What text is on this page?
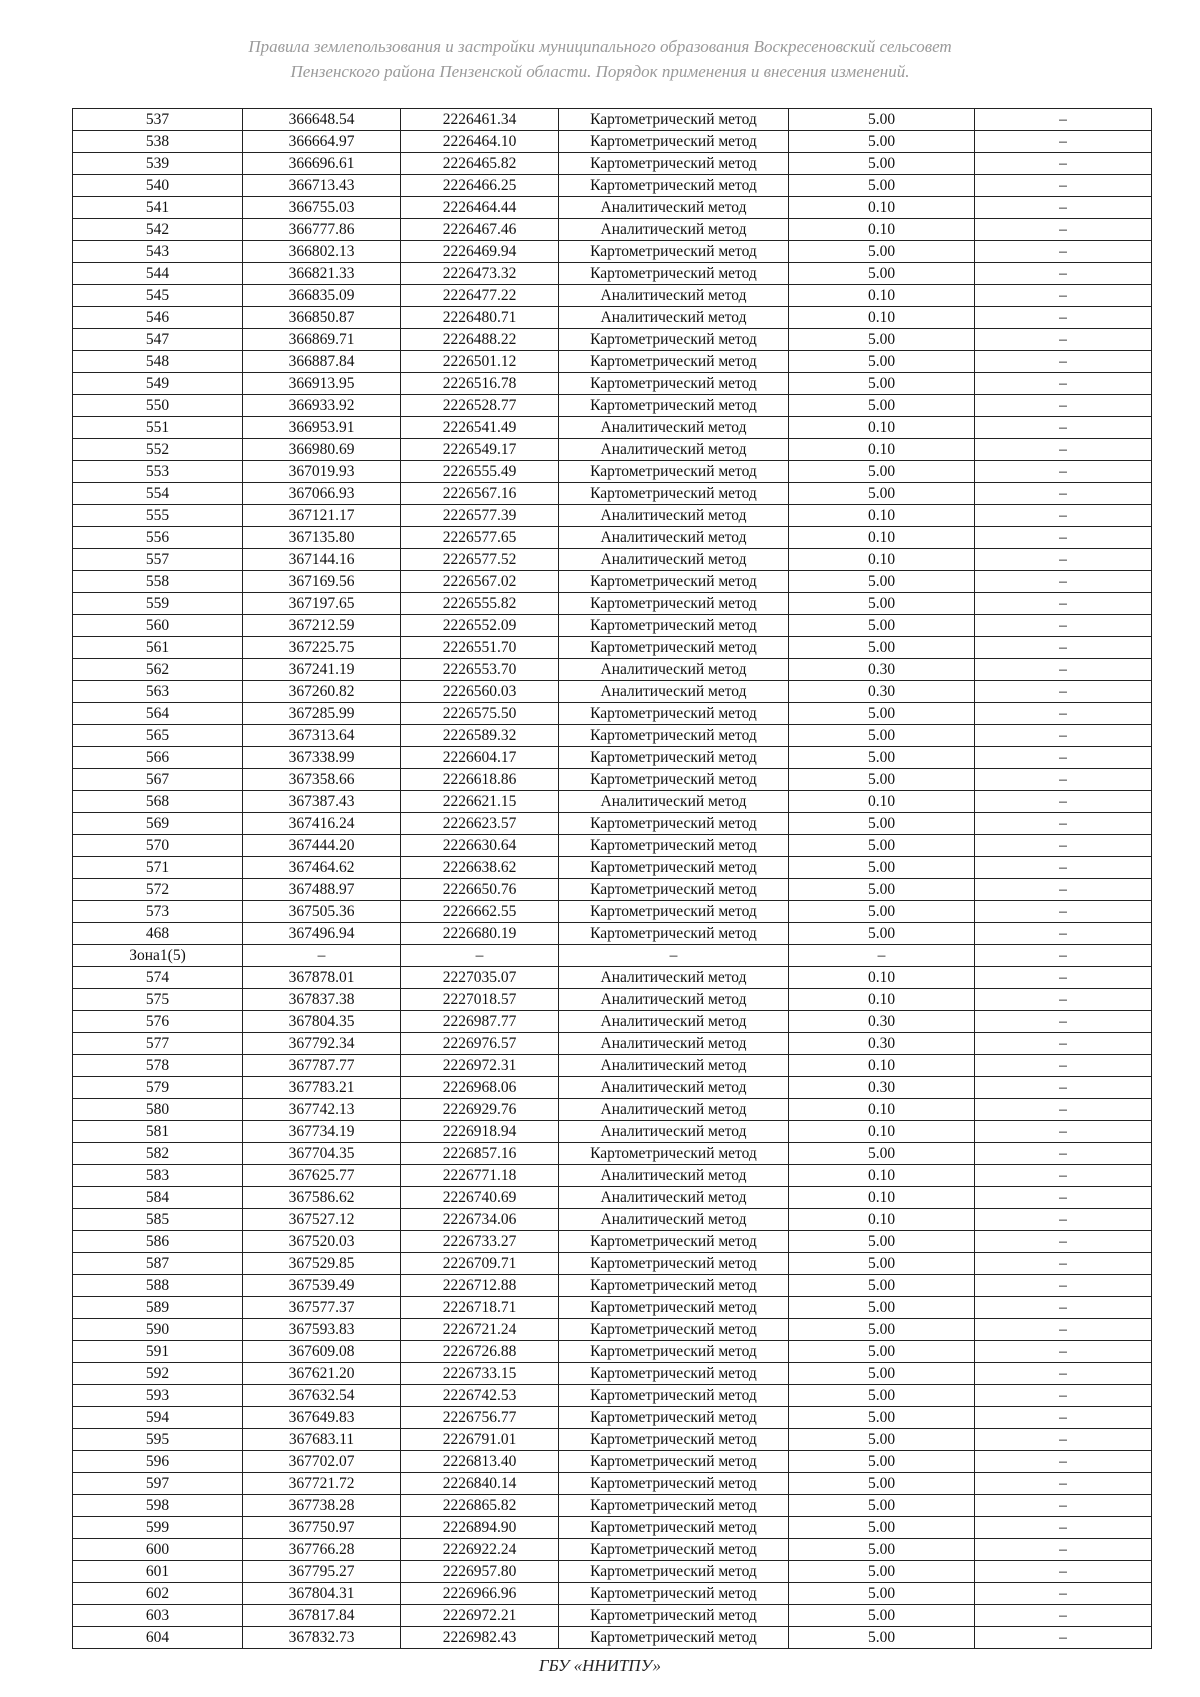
Правила землепользования и застройки муниципального образования Воскресеновский сельсовет
Пензенского района Пензенской области. Порядок применения и внесения изменений.
537	366648.54	2226461.34	Картометрический метод	5.00	–
538	366664.97	2226464.10	Картометрический метод	5.00	–
539	366696.61	2226465.82	Картометрический метод	5.00	–
540	366713.43	2226466.25	Картометрический метод	5.00	–
541	366755.03	2226464.44	Аналитический метод	0.10	–
542	366777.86	2226467.46	Аналитический метод	0.10	–
543	366802.13	2226469.94	Картометрический метод	5.00	–
544	366821.33	2226473.32	Картометрический метод	5.00	–
545	366835.09	2226477.22	Аналитический метод	0.10	–
546	366850.87	2226480.71	Аналитический метод	0.10	–
547	366869.71	2226488.22	Картометрический метод	5.00	–
548	366887.84	2226501.12	Картометрический метод	5.00	–
549	366913.95	2226516.78	Картометрический метод	5.00	–
550	366933.92	2226528.77	Картометрический метод	5.00	–
551	366953.91	2226541.49	Аналитический метод	0.10	–
552	366980.69	2226549.17	Аналитический метод	0.10	–
553	367019.93	2226555.49	Картометрический метод	5.00	–
554	367066.93	2226567.16	Картометрический метод	5.00	–
555	367121.17	2226577.39	Аналитический метод	0.10	–
556	367135.80	2226577.65	Аналитический метод	0.10	–
557	367144.16	2226577.52	Аналитический метод	0.10	–
558	367169.56	2226567.02	Картометрический метод	5.00	–
559	367197.65	2226555.82	Картометрический метод	5.00	–
560	367212.59	2226552.09	Картометрический метод	5.00	–
561	367225.75	2226551.70	Картометрический метод	5.00	–
562	367241.19	2226553.70	Аналитический метод	0.30	–
563	367260.82	2226560.03	Аналитический метод	0.30	–
564	367285.99	2226575.50	Картометрический метод	5.00	–
565	367313.64	2226589.32	Картометрический метод	5.00	–
566	367338.99	2226604.17	Картометрический метод	5.00	–
567	367358.66	2226618.86	Картометрический метод	5.00	–
568	367387.43	2226621.15	Аналитический метод	0.10	–
569	367416.24	2226623.57	Картометрический метод	5.00	–
570	367444.20	2226630.64	Картометрический метод	5.00	–
571	367464.62	2226638.62	Картометрический метод	5.00	–
572	367488.97	2226650.76	Картометрический метод	5.00	–
573	367505.36	2226662.55	Картометрический метод	5.00	–
468	367496.94	2226680.19	Картометрический метод	5.00	–
Зона1(5)	–	–	–	–	–
574	367878.01	2227035.07	Аналитический метод	0.10	–
575	367837.38	2227018.57	Аналитический метод	0.10	–
576	367804.35	2226987.77	Аналитический метод	0.30	–
577	367792.34	2226976.57	Аналитический метод	0.30	–
578	367787.77	2226972.31	Аналитический метод	0.10	–
579	367783.21	2226968.06	Аналитический метод	0.30	–
580	367742.13	2226929.76	Аналитический метод	0.10	–
581	367734.19	2226918.94	Аналитический метод	0.10	–
582	367704.35	2226857.16	Картометрический метод	5.00	–
583	367625.77	2226771.18	Аналитический метод	0.10	–
584	367586.62	2226740.69	Аналитический метод	0.10	–
585	367527.12	2226734.06	Аналитический метод	0.10	–
586	367520.03	2226733.27	Картометрический метод	5.00	–
587	367529.85	2226709.71	Картометрический метод	5.00	–
588	367539.49	2226712.88	Картометрический метод	5.00	–
589	367577.37	2226718.71	Картометрический метод	5.00	–
590	367593.83	2226721.24	Картометрический метод	5.00	–
591	367609.08	2226726.88	Картометрический метод	5.00	–
592	367621.20	2226733.15	Картометрический метод	5.00	–
593	367632.54	2226742.53	Картометрический метод	5.00	–
594	367649.83	2226756.77	Картометрический метод	5.00	–
595	367683.11	2226791.01	Картометрический метод	5.00	–
596	367702.07	2226813.40	Картометрический метод	5.00	–
597	367721.72	2226840.14	Картометрический метод	5.00	–
598	367738.28	2226865.82	Картометрический метод	5.00	–
599	367750.97	2226894.90	Картометрический метод	5.00	–
600	367766.28	2226922.24	Картометрический метод	5.00	–
601	367795.27	2226957.80	Картометрический метод	5.00	–
602	367804.31	2226966.96	Картометрический метод	5.00	–
603	367817.84	2226972.21	Картометрический метод	5.00	–
604	367832.73	2226982.43	Картометрический метод	5.00	–
ГБУ «ННИТПУ»
